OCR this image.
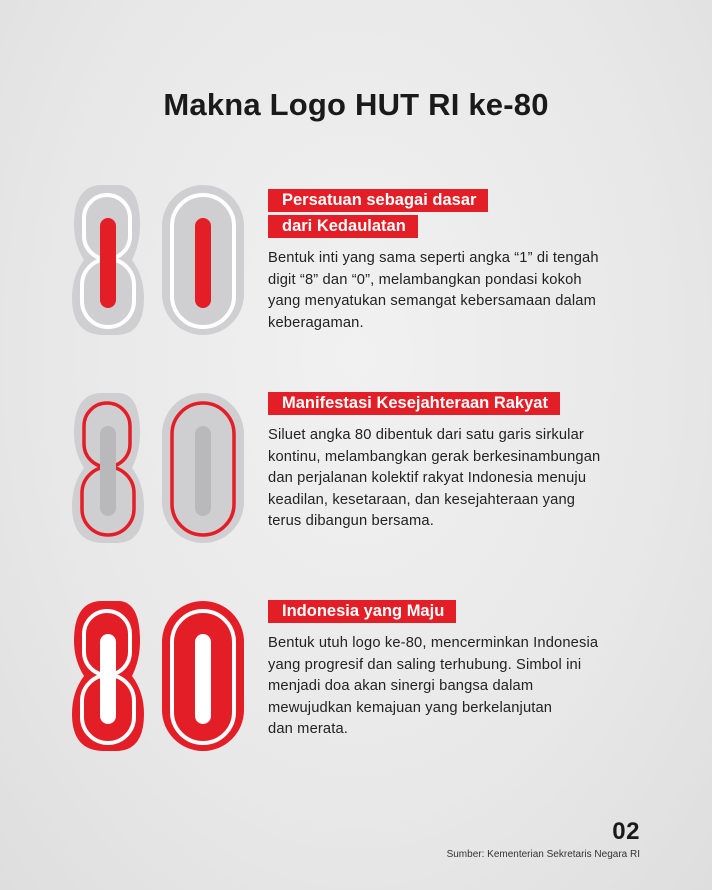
Makna Logo HUT RI ke-80
Persatuan sebagai dasar
dari Kedaulatan
Bentuk inti yang sama seperti angka “1” di tengah
digit “8” dan “0”, melambangkan pondasi kokoh
yang menyatukan semangat kebersamaan dalam
keberagaman.
Manifestasi Kesejahteraan Rakyat
Siluet angka 80 dibentuk dari satu garis sirkular
kontinu, melambangkan gerak berkesinambungan
dan perjalanan kolektif rakyat Indonesia menuju
keadilan, kesetaraan, dan kesejahteraan yang
terus dibangun bersama.
Indonesia yang Maju
Bentuk utuh logo ke-80, mencerminkan Indonesia
yang progresif dan saling terhubung. Simbol ini
menjadi doa akan sinergi bangsa dalam
mewujudkan kemajuan yang berkelanjutan
dan merata.
02
Sumber: Kementerian Sekretaris Negara RI
